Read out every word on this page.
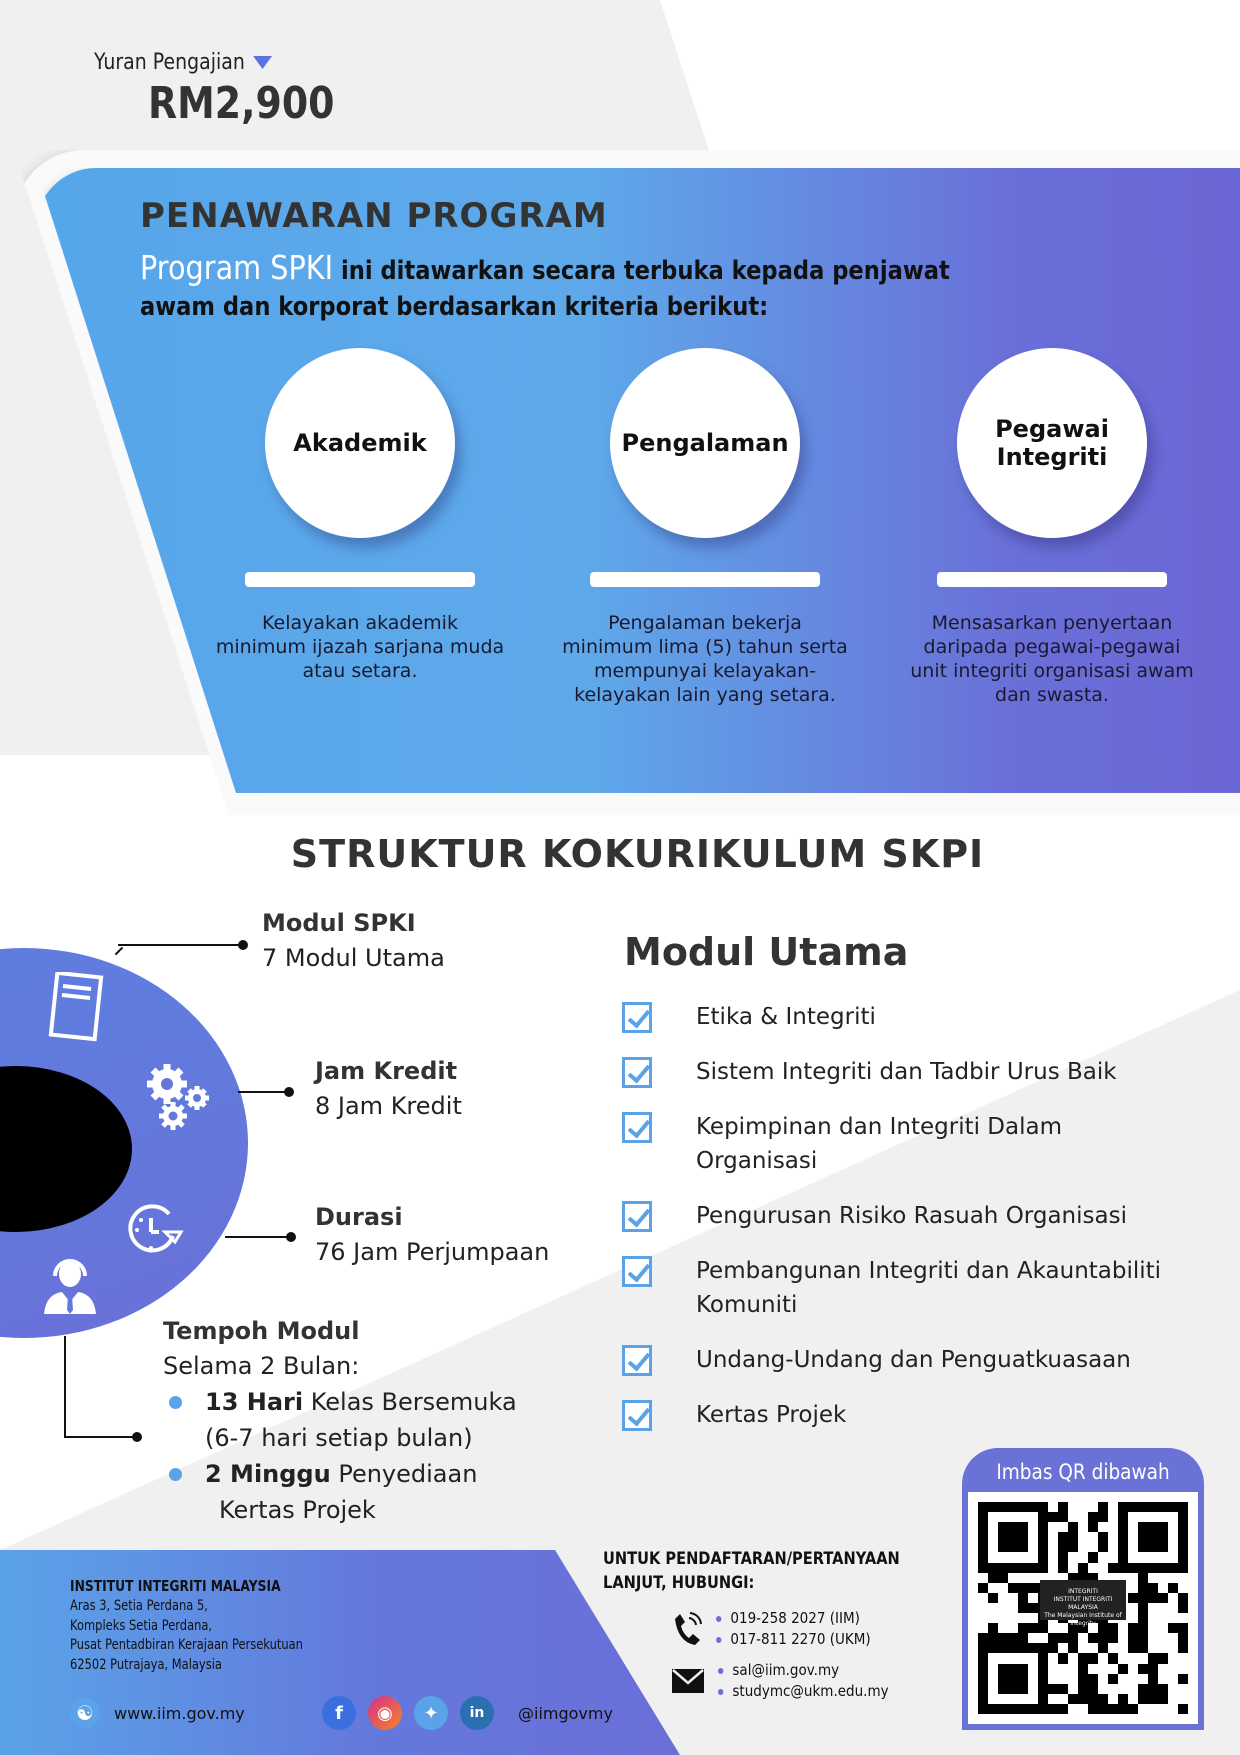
Yuran Pengajian
RM2,900
PENAWARAN PROGRAM
Program SPKI ini ditawarkan secara terbuka kepada penjawat awam dan korporat berdasarkan kriteria berikut:
Akademik
Kelayakan akademik minimum ijazah sarjana muda atau setara.
Pengalaman
Pengalaman bekerja minimum lima (5) tahun serta mempunyai kelayakan-kelayakan lain yang setara.
Pegawai Integriti
Mensasarkan penyertaan daripada pegawai-pegawai unit integriti organisasi awam dan swasta.
STRUKTUR KOKURIKULUM SKPI
Modul SPKI
7 Modul Utama
Jam Kredit
8 Jam Kredit
Durasi
76 Jam Perjumpaan
Tempoh Modul
Selama 2 Bulan:
13 Hari Kelas Bersemuka
(6-7 hari setiap bulan)
2 Minggu Penyediaan
Kertas Projek
Modul Utama
Etika & Integriti
Sistem Integriti dan Tadbir Urus Baik
Kepimpinan dan Integriti Dalam Organisasi
Pengurusan Risiko Rasuah Organisasi
Pembangunan Integriti dan Akauntabiliti Komuniti
Undang-Undang dan Penguatkuasaan
Kertas Projek
INSTITUT INTEGRITI MALAYSIA
Aras 3, Setia Perdana 5,
Kompleks Setia Perdana,
Pusat Pentadbiran Kerajaan Persekutuan
62502 Putrajaya, Malaysia
☯	www.iim.gov.my	f	◉	✦	in	@iimgovmy
UNTUK PENDAFTARAN/PERTANYAAN
LANJUT, HUBUNGI:
019-258 2027 (IIM)
017-811 2270 (UKM)
sal@iim.gov.my
studymc@ukm.edu.my
Imbas QR dibawah
INTEGRITI
INSTITUT INTEGRITI MALAYSIA
The Malaysian Institute of Integrity
